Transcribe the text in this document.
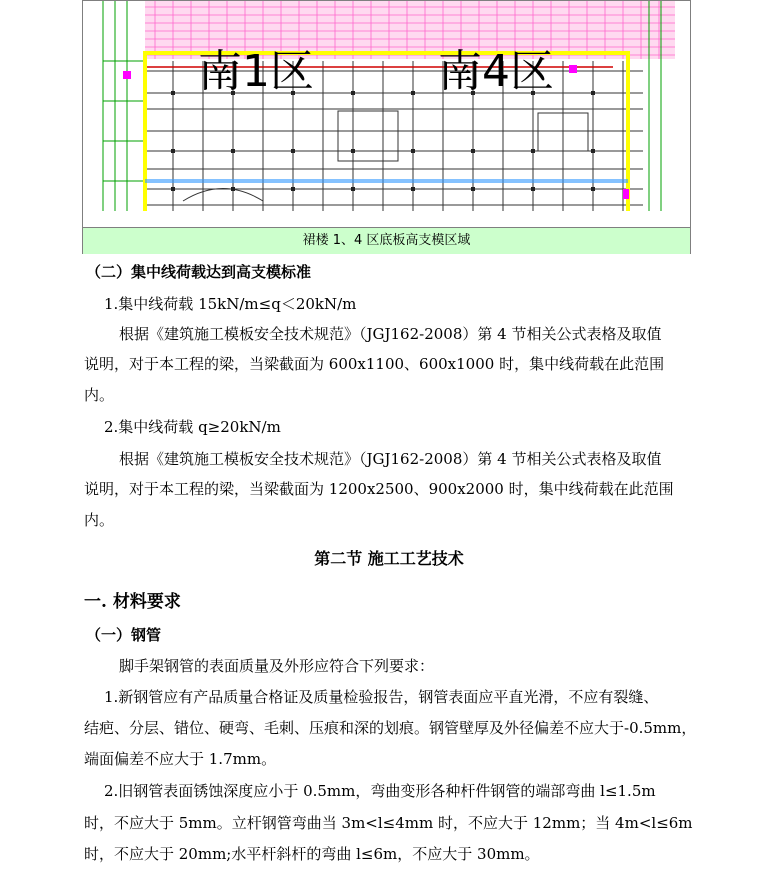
南1区	南4区
裙楼 1、4 区底板高支模区域
（二）集中线荷载达到高支模标准
1.集中线荷载 15kN/m≤q＜20kN/m
根据《建筑施工模板安全技术规范》（JGJ162-2008）第 4 节相关公式表格及取值
说明，对于本工程的梁，当梁截面为 600x1100、600x1000 时，集中线荷载在此范围
内。
2.集中线荷载 q≥20kN/m
根据《建筑施工模板安全技术规范》（JGJ162-2008）第 4 节相关公式表格及取值
说明，对于本工程的梁，当梁截面为 1200x2500、900x2000 时，集中线荷载在此范围
内。
第二节 施工工艺技术
一. 材料要求
（一）钢管
脚手架钢管的表面质量及外形应符合下列要求：
1.新钢管应有产品质量合格证及质量检验报告，钢管表面应平直光滑，不应有裂缝、
结疤、分层、错位、硬弯、毛刺、压痕和深的划痕。钢管壁厚及外径偏差不应大于-0.5mm，
端面偏差不应大于 1.7mm。
2.旧钢管表面锈蚀深度应小于 0.5mm，弯曲变形各种杆件钢管的端部弯曲 l≤1.5m
时，不应大于 5mm。立杆钢管弯曲当 3m<l≤4mm 时，不应大于 12mm；当 4m<l≤6m
时，不应大于 20mm;水平杆斜杆的弯曲 l≤6m，不应大于 30mm。
